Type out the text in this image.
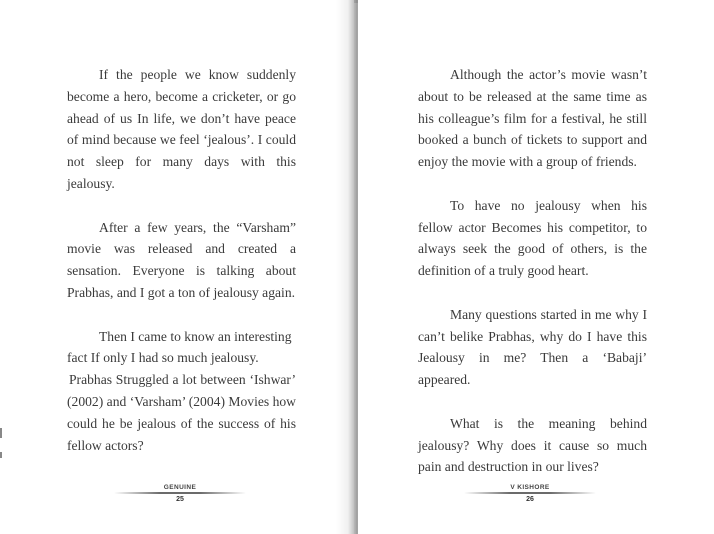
If the people we know suddenly become a hero, become a cricketer, or go ahead of us In life, we don’t have peace of mind because we feel ‘jealous’. I could not sleep for many days with this jealousy.

After a few years, the “Varsham” movie was released and created a sensation. Everyone is talking about Prabhas, and I got a ton of jealousy again.

Then I came to know an interesting fact If only I had so much jealousy.

Prabhas Struggled a lot between ‘Ishwar’ (2002) and ‘Varsham’ (2004) Movies how could he be jealous of the success of his fellow actors?

GENUINE
25

Although the actor’s movie wasn’t about to be released at the same time as his colleague’s film for a festival, he still booked a bunch of tickets to support and enjoy the movie with a group of friends.

To have no jealousy when his fellow actor Becomes his competitor, to always seek the good of others, is the definition of a truly good heart.

Many questions started in me why I can’t belike Prabhas, why do I have this Jealousy in me? Then a ‘Babaji’ appeared.

What is the meaning behind jealousy? Why does it cause so much pain and destruction in our lives?

V KISHORE
26
